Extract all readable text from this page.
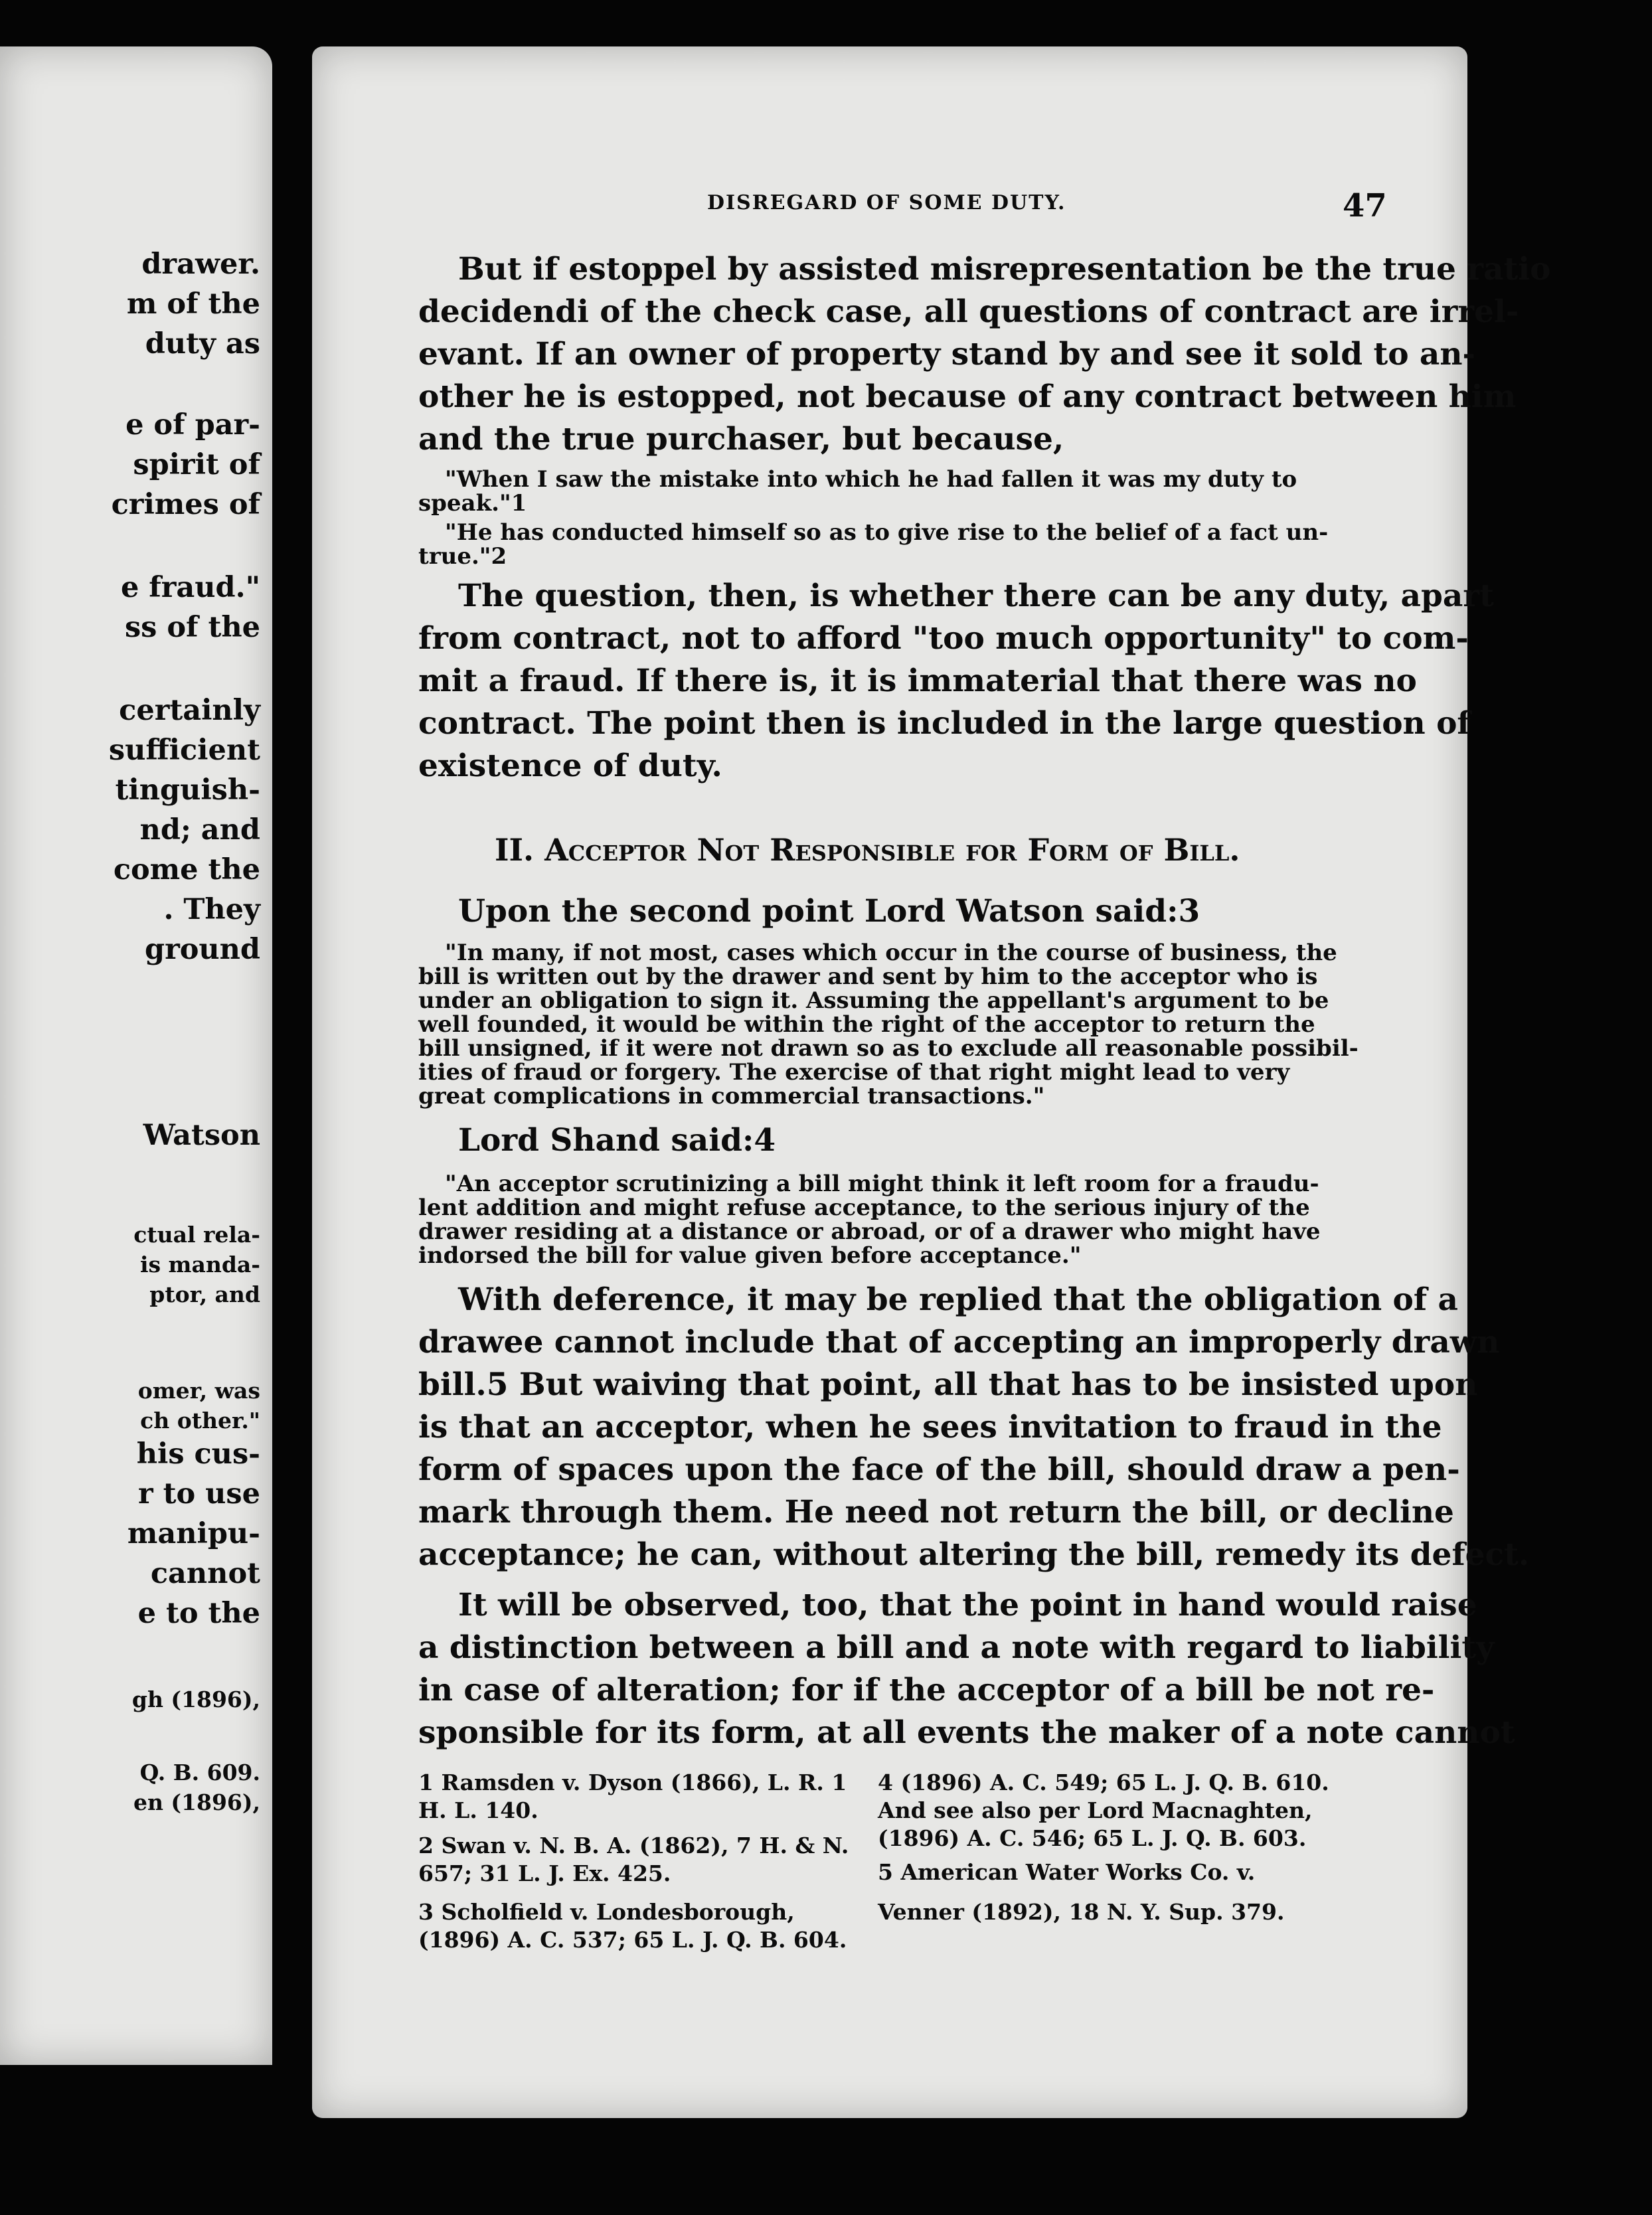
drawer.
m of the
duty as
e of par-
spirit of
crimes of
e fraud."
ss of the
certainly
sufficient
tinguish-
nd; and
come the
. They
ground
Watson
ctual rela-
is manda-
ptor, and
omer, was
ch other."
his cus-
r to use
manipu-
cannot
e to the
gh (1896),
Q. B. 609.
en (1896),
DISREGARD OF SOME DUTY.	47
But if estoppel by assisted misrepresentation be the true ratio
decidendi of the check case, all questions of contract are irrel-
evant. If an owner of property stand by and see it sold to an-
other he is estopped, not because of any contract between him
and the true purchaser, but because,
"When I saw the mistake into which he had fallen it was my duty to
speak."1
"He has conducted himself so as to give rise to the belief of a fact un-
true."2
The question, then, is whether there can be any duty, apart
from contract, not to afford "too much opportunity" to com-
mit a fraud. If there is, it is immaterial that there was no
contract. The point then is included in the large question of
existence of duty.
II. Acceptor Not Responsible for Form of Bill.
Upon the second point Lord Watson said:3
"In many, if not most, cases which occur in the course of business, the
bill is written out by the drawer and sent by him to the acceptor who is
under an obligation to sign it. Assuming the appellant's argument to be
well founded, it would be within the right of the acceptor to return the
bill unsigned, if it were not drawn so as to exclude all reasonable possibil-
ities of fraud or forgery. The exercise of that right might lead to very
great complications in commercial transactions."
Lord Shand said:4
"An acceptor scrutinizing a bill might think it left room for a fraudu-
lent addition and might refuse acceptance, to the serious injury of the
drawer residing at a distance or abroad, or of a drawer who might have
indorsed the bill for value given before acceptance."
With deference, it may be replied that the obligation of a
drawee cannot include that of accepting an improperly drawn
bill.5 But waiving that point, all that has to be insisted upon
is that an acceptor, when he sees invitation to fraud in the
form of spaces upon the face of the bill, should draw a pen-
mark through them. He need not return the bill, or decline
acceptance; he can, without altering the bill, remedy its defect.
It will be observed, too, that the point in hand would raise
a distinction between a bill and a note with regard to liability
in case of alteration; for if the acceptor of a bill be not re-
sponsible for its form, at all events the maker of a note cannot
1 Ramsden v. Dyson (1866), L. R. 1
H. L. 140.
2 Swan v. N. B. A. (1862), 7 H. & N.
657; 31 L. J. Ex. 425.
3 Scholfield v. Londesborough,
(1896) A. C. 537; 65 L. J. Q. B. 604.
4 (1896) A. C. 549; 65 L. J. Q. B. 610.
And see also per Lord Macnaghten,
(1896) A. C. 546; 65 L. J. Q. B. 603.
5 American Water Works Co. v.
Venner (1892), 18 N. Y. Sup. 379.
